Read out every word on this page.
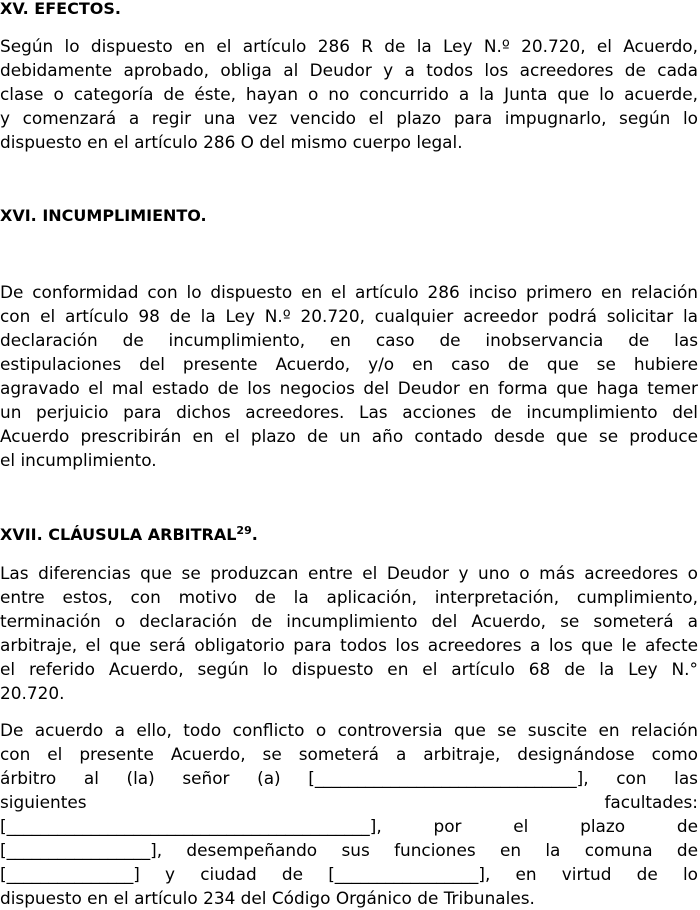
XV. EFECTOS.
Según lo dispuesto en el artículo 286 R de la Ley N.º 20.720, el Acuerdo,
debidamente aprobado, obliga al Deudor y a todos los acreedores de cada
clase o categoría de éste, hayan o no concurrido a la Junta que lo acuerde,
y comenzará a regir una vez vencido el plazo para impugnarlo, según lo
dispuesto en el artículo 286 O del mismo cuerpo legal.
XVI. INCUMPLIMIENTO.
De conformidad con lo dispuesto en el artículo 286 inciso primero en relación
con el artículo 98 de la Ley N.º 20.720, cualquier acreedor podrá solicitar la
declaración de incumplimiento, en caso de inobservancia de las
estipulaciones del presente Acuerdo, y/o en caso de que se hubiere
agravado el mal estado de los negocios del Deudor en forma que haga temer
un perjuicio para dichos acreedores. Las acciones de incumplimiento del
Acuerdo prescribirán en el plazo de un año contado desde que se produce
el incumplimiento.
XVII. CLÁUSULA ARBITRAL$^{29}$.
Las diferencias que se produzcan entre el Deudor y uno o más acreedores o
entre estos, con motivo de la aplicación, interpretación, cumplimiento,
terminación o declaración de incumplimiento del Acuerdo, se someterá a
arbitraje, el que será obligatorio para todos los acreedores a los que le afecte
el referido Acuerdo, según lo dispuesto en el artículo 68 de la Ley N.°
20.720.
De acuerdo a ello, todo conflicto o controversia que se suscite en relación
con el presente Acuerdo, se someterá a arbitraje, designándose como
árbitro al (la) señor (a) [_______________________________], con las
siguientes facultades:
[___________________________________________], por el plazo de
[_________________], desempeñando sus funciones en la comuna de
[_______________] y ciudad de [_________________], en virtud de lo
dispuesto en el artículo 234 del Código Orgánico de Tribunales.
